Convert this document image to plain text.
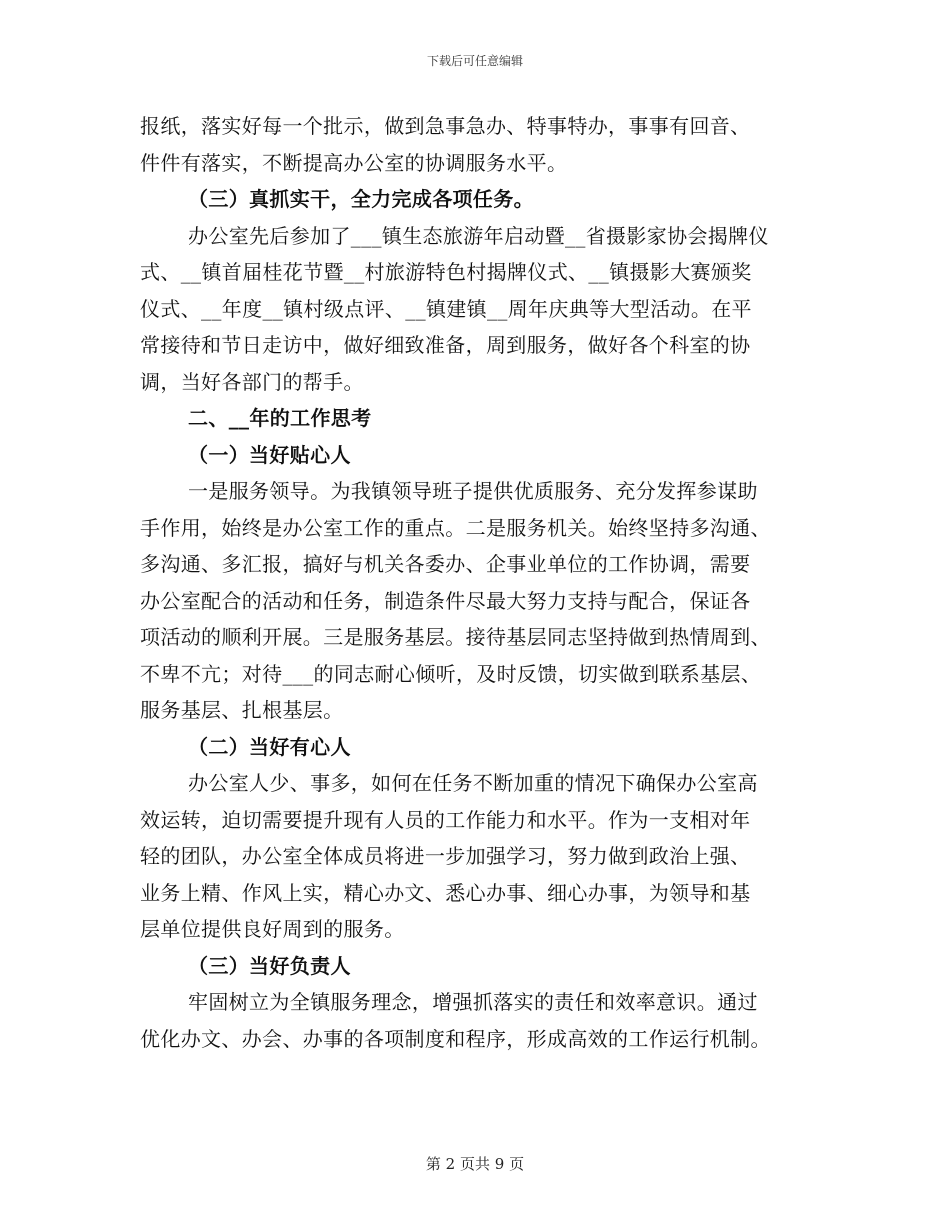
下载后可任意编辑
报纸，落实好每一个批示，做到急事急办、特事特办，事事有回音、
件件有落实，不断提高办公室的协调服务水平。
（三）真抓实干，全力完成各项任务。
办公室先后参加了___镇生态旅游年启动暨__省摄影家协会揭牌仪
式、__镇首届桂花节暨__村旅游特色村揭牌仪式、__镇摄影大赛颁奖
仪式、__年度__镇村级点评、__镇建镇__周年庆典等大型活动。在平
常接待和节日走访中，做好细致准备，周到服务，做好各个科室的协
调，当好各部门的帮手。
二、__年的工作思考
（一）当好贴心人
一是服务领导。为我镇领导班子提供优质服务、充分发挥参谋助
手作用，始终是办公室工作的重点。二是服务机关。始终坚持多沟通、
多沟通、多汇报，搞好与机关各委办、企事业单位的工作协调，需要
办公室配合的活动和任务，制造条件尽最大努力支持与配合，保证各
项活动的顺利开展。三是服务基层。接待基层同志坚持做到热情周到、
不卑不亢；对待___的同志耐心倾听，及时反馈，切实做到联系基层、
服务基层、扎根基层。
（二）当好有心人
办公室人少、事多，如何在任务不断加重的情况下确保办公室高
效运转，迫切需要提升现有人员的工作能力和水平。作为一支相对年
轻的团队，办公室全体成员将进一步加强学习，努力做到政治上强、
业务上精、作风上实，精心办文、悉心办事、细心办事，为领导和基
层单位提供良好周到的服务。
（三）当好负责人
牢固树立为全镇服务理念，增强抓落实的责任和效率意识。通过
优化办文、办会、办事的各项制度和程序，形成高效的工作运行机制。
第 2 页共 9 页
